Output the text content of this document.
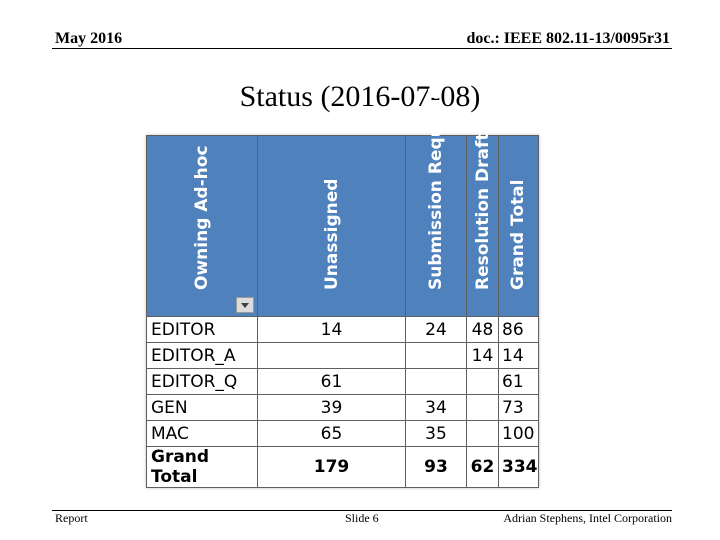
May 2016	doc.: IEEE 802.11-13/0095r31
Status (2016-07-08)
Owning Ad-hoc	Unassigned	Submission Required	Resolution Drafted	Grand Total

EDITOR	14	24	48	86
EDITOR_A			14	14
EDITOR_Q	61			61
GEN	39	34		73
MAC	65	35		100
Grand Total	179	93	62	334
Report	Slide 6	Adrian Stephens, Intel Corporation
